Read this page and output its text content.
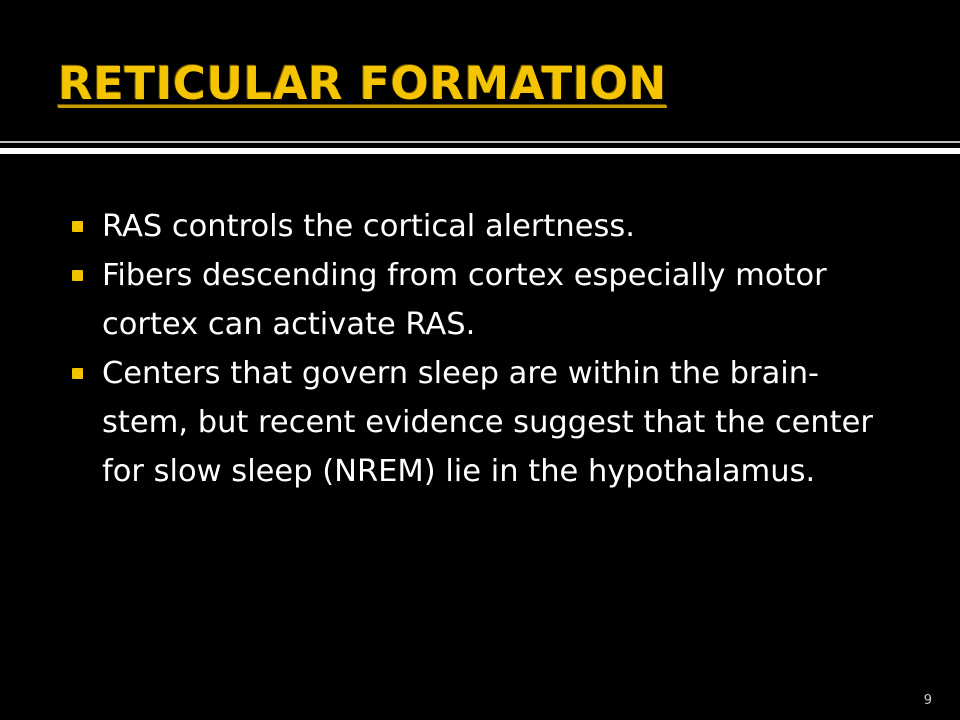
RETICULAR FORMATION
RAS controls the cortical alertness.
Fibers descending from cortex especially motor cortex can activate RAS.
Centers that govern sleep are within the brain-stem, but recent evidence suggest that the center for slow sleep (NREM) lie in the hypothalamus.
9
